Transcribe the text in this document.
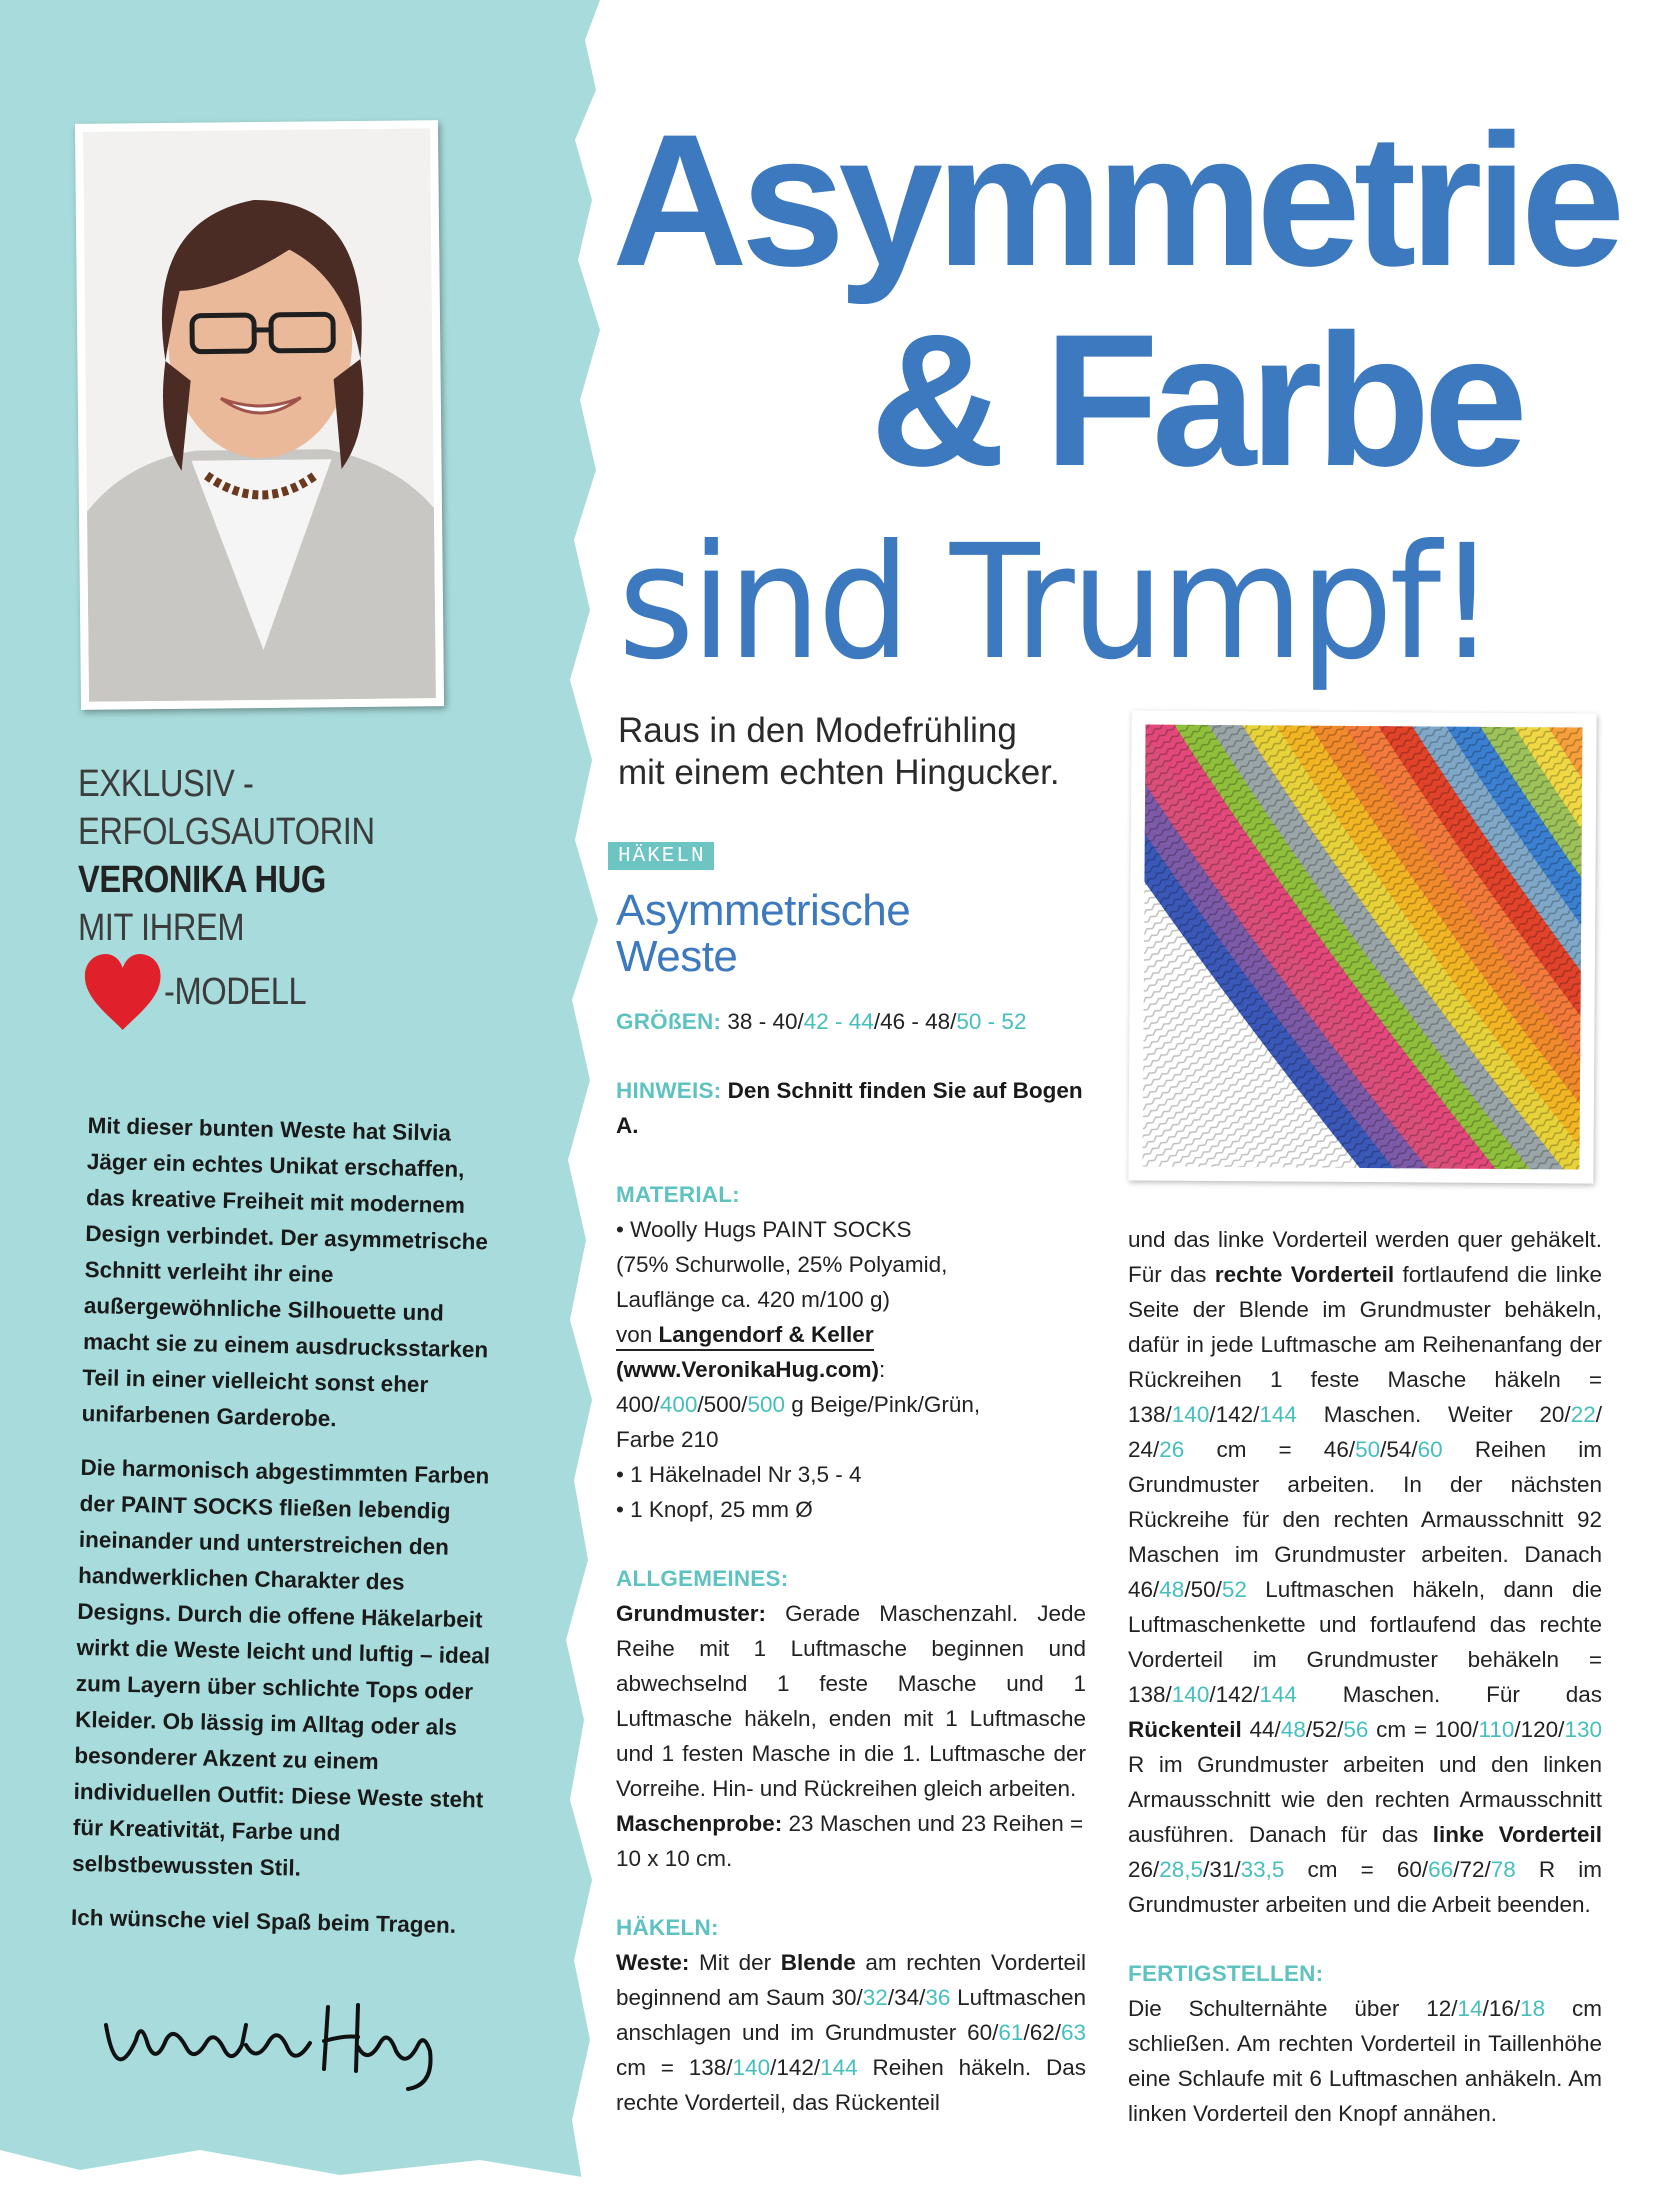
EXKLUSIV -
ERFOLGSAUTORIN
VERONIKA HUG
MIT IHREM
-MODELL

Mit dieser bunten Weste hat Silvia Jäger ein echtes Unikat erschaffen, das kreative Freiheit mit modernem Design verbindet. Der asymmetrische Schnitt verleiht ihr eine außergewöhnliche Silhouette und macht sie zu einem ausdrucksstarken Teil in einer vielleicht sonst eher unifarbenen Garderobe.

Die harmonisch abgestimmten Farben der PAINT SOCKS fließen lebendig ineinander und unterstreichen den handwerklichen Charakter des Designs. Durch die offene Häkelarbeit wirkt die Weste leicht und luftig – ideal zum Layern über schlichte Tops oder Kleider. Ob lässig im Alltag oder als besonderer Akzent zu einem individuellen Outfit: Diese Weste steht für Kreativität, Farbe und selbstbewussten Stil.

Ich wünsche viel Spaß beim Tragen.

Asymmetrie
& Farbe
sind Trumpf!
Raus in den Modefrühling
mit einem echten Hingucker.
HÄKELN
Asymmetrische
Weste

GRÖßEN: 38 - 40/42 - 44/46 - 48/50 - 52

HINWEIS: Den Schnitt finden Sie auf Bogen A.

MATERIAL:

• Woolly Hugs PAINT SOCKS

(75% Schurwolle, 25% Polyamid,

Lauflänge ca. 420 m/100 g)

von Langendorf & Keller

(www.VeronikaHug.com):

400/400/500/500 g Beige/Pink/Grün,

Farbe 210

• 1 Häkelnadel Nr 3,5 - 4

• 1 Knopf, 25 mm Ø

ALLGEMEINES:

Grundmuster: Gerade Maschenzahl. Jede Reihe mit 1 Luftmasche beginnen und abwechselnd 1 feste Masche und 1 Luftmasche häkeln, enden mit 1 Luftmasche und 1 festen Masche in die 1. Luftmasche der Vorreihe. Hin- und Rückreihen gleich arbeiten.

Maschenprobe: 23 Maschen und 23 Reihen = 10 x 10 cm.

HÄKELN:

Weste: Mit der Blende am rechten Vorderteil beginnend am Saum 30/32/34/36 Luftmaschen anschlagen und im Grundmuster 60/61/62/63 cm = 138/140/142/144 Reihen häkeln. Das rechte Vorderteil, das Rückenteil

und das linke Vorderteil werden quer gehäkelt. Für das rechte Vorderteil fortlaufend die linke Seite der Blende im Grundmuster behäkeln, dafür in jede Luftmasche am Reihenanfang der Rückreihen 1 feste Masche häkeln = 138/140/142/144 Maschen. Weiter 20/22/ 24/26 cm = 46/50/54/60 Reihen im Grundmuster arbeiten. In der nächsten Rückreihe für den rechten Armausschnitt 92 Maschen im Grundmuster arbeiten. Danach 46/48/50/52 Luftmaschen häkeln, dann die Luftmaschenkette und fortlaufend das rechte Vorderteil im Grundmuster behäkeln = 138/140/142/144 Maschen. Für das Rückenteil 44/48/52/56 cm = 100/110/120/130 R im Grundmuster arbeiten und den linken Armausschnitt wie den rechten Armausschnitt ausführen. Danach für das linke Vorderteil 26/28,5/31/33,5 cm = 60/66/72/78 R im Grundmuster arbeiten und die Arbeit beenden.

FERTIGSTELLEN:

Die Schulternähte über 12/14/16/18 cm schließen. Am rechten Vorderteil in Taillenhöhe eine Schlaufe mit 6 Luftmaschen anhäkeln. Am linken Vorderteil den Knopf annähen.
